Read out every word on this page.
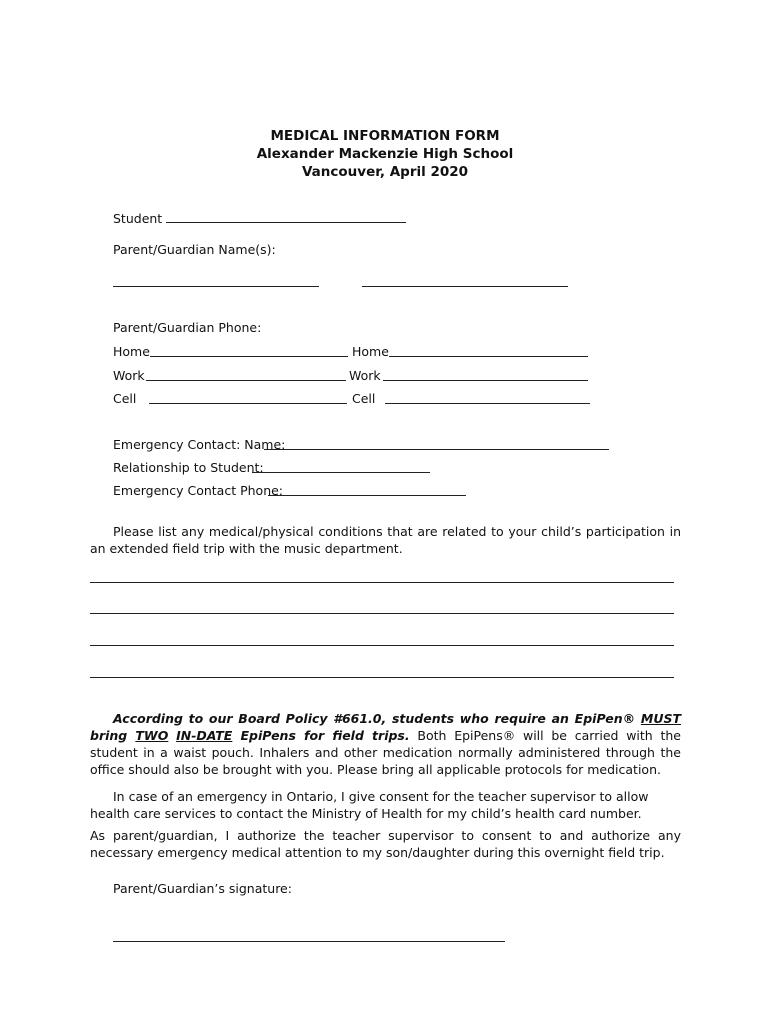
MEDICAL INFORMATION FORM
Alexander Mackenzie High School
Vancouver, April 2020
Student
Parent/Guardian Name(s):
Parent/Guardian Phone:
Home	Home
Work	Work
Cell	Cell
Emergency Contact: Name:
Relationship to Student:
Emergency Contact Phone:
Please list any medical/physical conditions that are related to your child’s participation in an extended field trip with the music department.
According to our Board Policy #661.0, students who require an EpiPen® MUST bring TWO IN-DATE EpiPens for field trips. Both EpiPens® will be carried with the student in a waist pouch. Inhalers and other medication normally administered through the office should also be brought with you. Please bring all applicable protocols for medication.
In case of an emergency in Ontario, I give consent for the teacher supervisor to allow health care services to contact the Ministry of Health for my child’s health card number.
As parent/guardian, I authorize the teacher supervisor to consent to and authorize any necessary emergency medical attention to my son/daughter during this overnight field trip.
Parent/Guardian’s signature:
